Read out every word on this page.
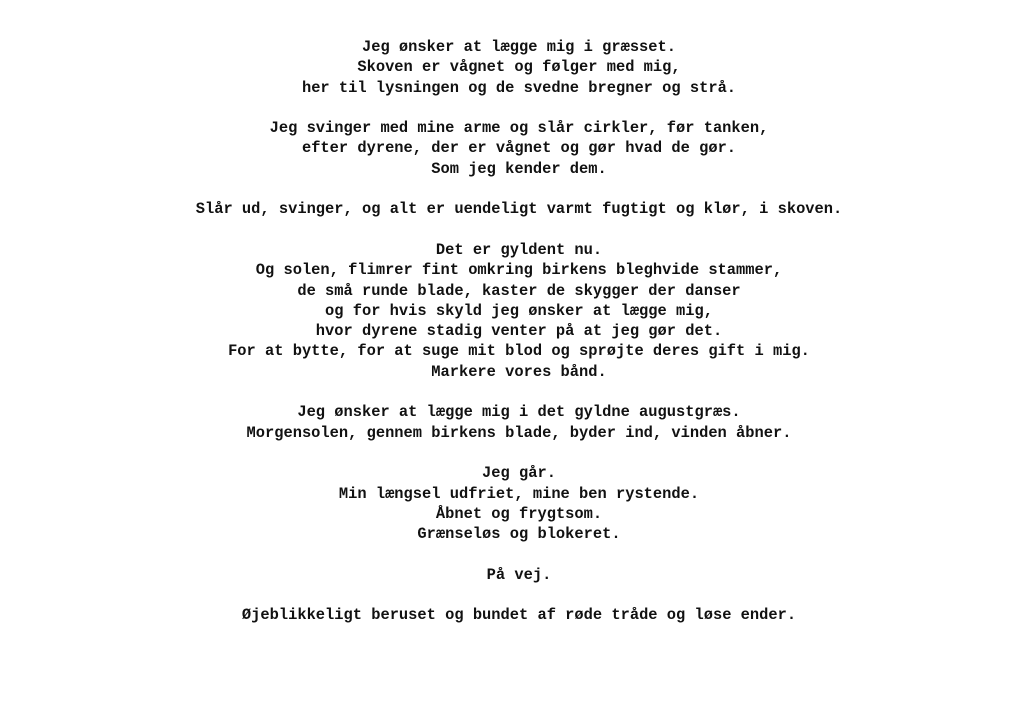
Jeg ønsker at lægge mig i græsset.
Skoven er vågnet og følger med mig,
her til lysningen og de svedne bregner og strå.
Jeg svinger med mine arme og slår cirkler, før tanken,
efter dyrene, der er vågnet og gør hvad de gør.
Som jeg kender dem.
Slår ud, svinger, og alt er uendeligt varmt fugtigt og klør, i skoven.
Det er gyldent nu.
Og solen, flimrer fint omkring birkens bleghvide stammer,
de små runde blade, kaster de skygger der danser
og for hvis skyld jeg ønsker at lægge mig,
hvor dyrene stadig venter på at jeg gør det.
For at bytte, for at suge mit blod og sprøjte deres gift i mig.
Markere vores bånd.
Jeg ønsker at lægge mig i det gyldne augustgræs.
Morgensolen, gennem birkens blade, byder ind, vinden åbner.
Jeg går.
Min længsel udfriet, mine ben rystende.
Åbnet og frygtsom.
Grænseløs og blokeret.
På vej.
Øjeblikkeligt beruset og bundet af røde tråde og løse ender.
